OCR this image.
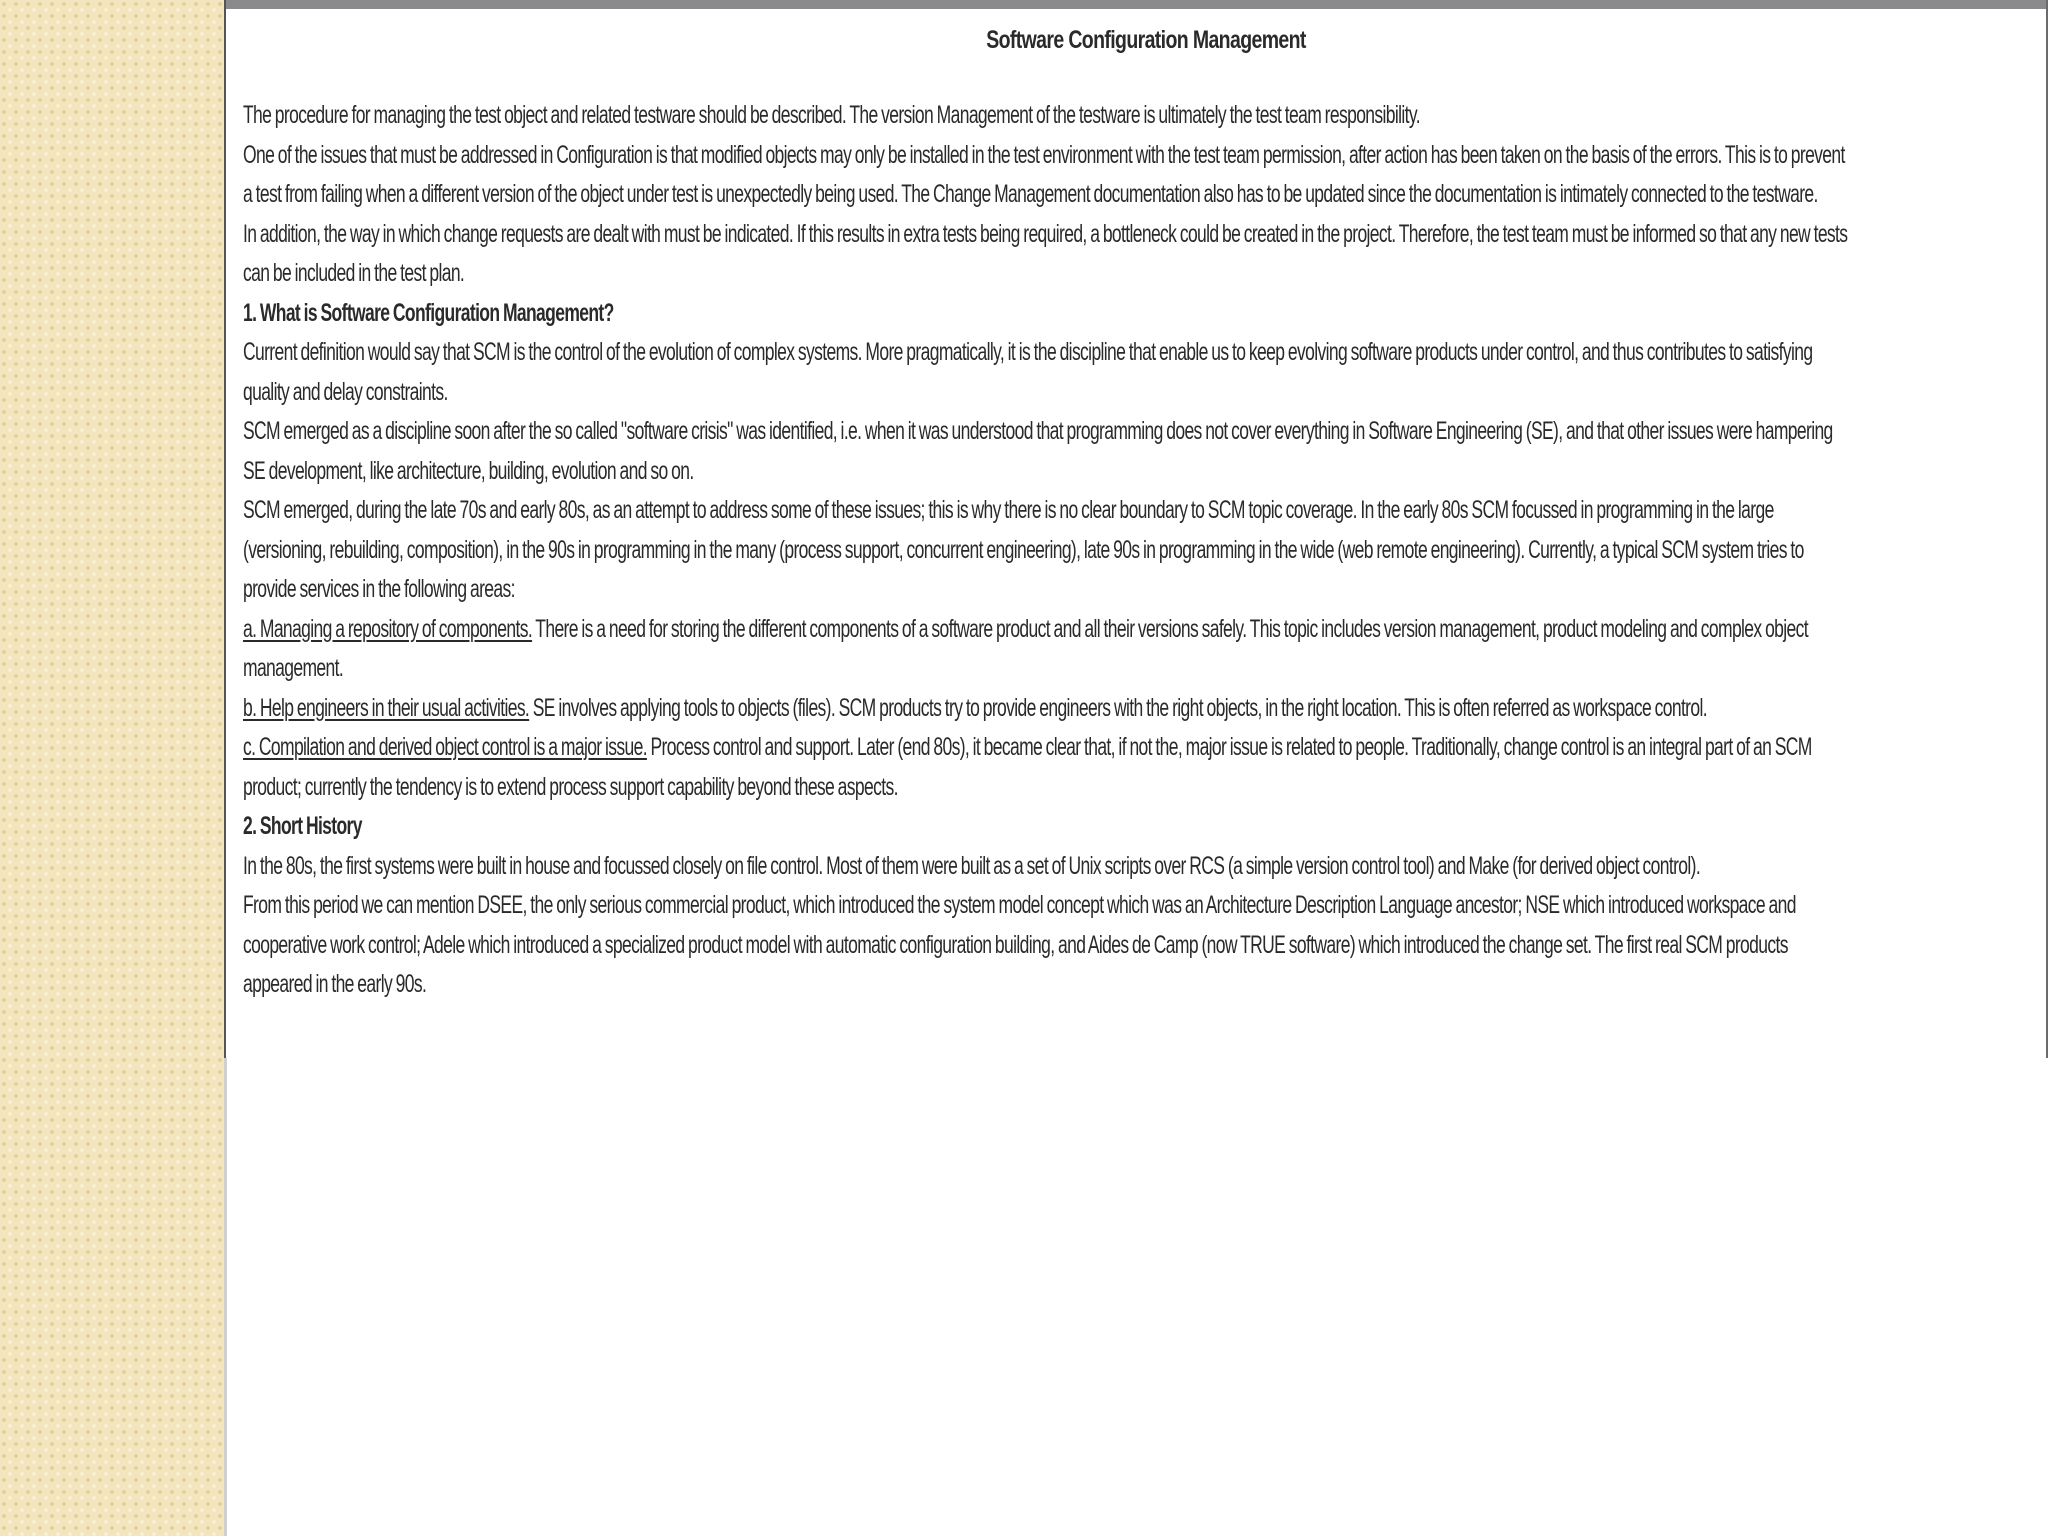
Software Configuration Management

The procedure for managing the test object and related testware should be described. The version Management of the testware is ultimately the test team responsibility.

One of the issues that must be addressed in Configuration is that modified objects may only be installed in the test environment with the test team permission, after action has been taken on the basis of the errors. This is to prevent a test from failing when a different version of the object under test is unexpectedly being used. The Change Management documentation also has to be updated since the documentation is intimately connected to the testware.

In addition, the way in which change requests are dealt with must be indicated. If this results in extra tests being required, a bottleneck could be created in the project. Therefore, the test team must be informed so that any new tests can be included in the test plan.

1. What is Software Configuration Management?

Current definition would say that SCM is the control of the evolution of complex systems. More pragmatically, it is the discipline that enable us to keep evolving software products under control, and thus contributes to satisfying quality and delay constraints.

SCM emerged as a discipline soon after the so called "software crisis" was identified, i.e. when it was understood that programming does not cover everything in Software Engineering (SE), and that other issues were hampering SE development, like architecture, building, evolution and so on.

SCM emerged, during the late 70s and early 80s, as an attempt to address some of these issues; this is why there is no clear boundary to SCM topic coverage. In the early 80s SCM focussed in programming in the large (versioning, rebuilding, composition), in the 90s in programming in the many (process support, concurrent engineering), late 90s in programming in the wide (web remote engineering). Currently, a typical SCM system tries to provide services in the following areas:

a. Managing a repository of components. There is a need for storing the different components of a software product and all their versions safely. This topic includes version management, product modeling and complex object management.

b. Help engineers in their usual activities. SE involves applying tools to objects (files). SCM products try to provide engineers with the right objects, in the right location. This is often referred as workspace control.

c. Compilation and derived object control is a major issue. Process control and support. Later (end 80s), it became clear that, if not the, major issue is related to people. Traditionally, change control is an integral part of an SCM product; currently the tendency is to extend process support capability beyond these aspects.

2. Short History

In the 80s, the first systems were built in house and focussed closely on file control. Most of them were built as a set of Unix scripts over RCS (a simple version control tool) and Make (for derived object control).

From this period we can mention DSEE, the only serious commercial product, which introduced the system model concept which was an Architecture Description Language ancestor; NSE which introduced workspace and cooperative work control; Adele which introduced a specialized product model with automatic configuration building, and Aides de Camp (now TRUE software) which introduced the change set. The first real SCM products appeared in the early 90s.
